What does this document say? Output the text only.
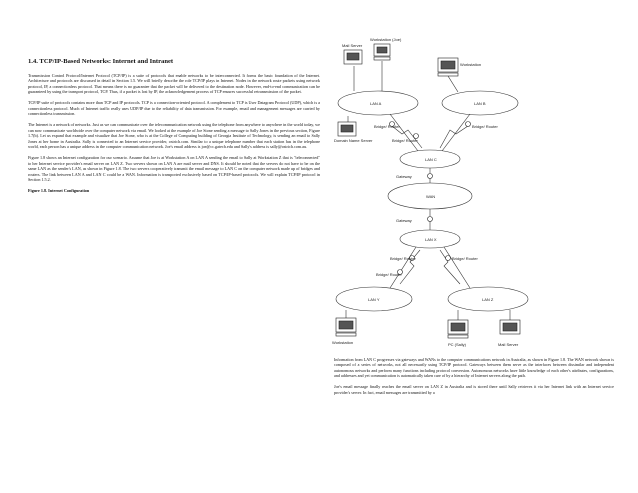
1.4. TCP/IP-Based Networks: Internet and Intranet

Transmission Control Protocol/Internet Protocol (TCP/IP) is a suite of protocols that enable networks to be interconnected. It forms the basic foundation of the Internet. Architecture and protocols are discussed in detail in Section 1.5. We will briefly describe the role TCP/IP plays in Internet. Nodes in the network route packets using network protocol, IP, a connectionless protocol. That means there is no guarantee that the packet will be delivered to the destination node. However, end-to-end communication can be guaranteed by using the transport protocol, TCP. Thus, if a packet is lost by IP, the acknowledgement process of TCP ensures successful retransmission of the packet.

TCP/IP suite of protocols contains more than TCP and IP protocols. TCP is a connection-oriented protocol. A complement to TCP is User Datagram Protocol (UDP), which is a connectionless protocol. Much of Internet traffic really uses UDP/IP due to the reliability of data transmission. For example, email and management messages are carried by connectionless transmission.

The Internet is a network of networks. Just as we can communicate over the telecommunication network using the telephone from anywhere to anywhere in the world today, we can now communicate worldwide over the computer network via email. We looked at the example of Joe Stone sending a message to Sally Jones in the previous section, Figure 1.7(b). Let us expand that example and visualize that Joe Stone, who is at the College of Computing building of Georgia Institute of Technology, is sending an email to Sally Jones at her home in Australia. Sally is connected to an Internet service provider, ostrich.com. Similar to a unique telephone number that each station has in the telephone world, each person has a unique address in the computer communication network. Joe's email address is joe@cc.gatech.edu and Sally's address is sally@ostrich.com.au.

Figure 1.8 shows an Internet configuration for our scenario. Assume that Joe is at Workstation A on LAN A sending the email to Sally at Workstation Z that is "teleconnected" to her Internet service provider's email server on LAN Z. Two servers shown on LAN A are mail server and DNS. It should be noted that the servers do not have to be on the same LAN as the sender's LAN, as shown in Figure 1.8. The two servers cooperatively transmit the email message to LAN C on the computer network made up of bridges and routers. The link between LAN A and LAN C could be a WAN. Information is transported exclusively based on TCP/IP-based protocols. We will explain TCP/IP protocol in Section 1.5.2.

Figure 1.8. Internet Configuration
Mail Server
Workstation (Joe)
Workstation
LAN A	LAN B
Domain Name Server
Bridge/ Router	Bridge/ Router
Bridge/ Router
LAN C
Gateway
WAN
Gateway
LAN X
Bridge/ Router	Bridge/ Router
Bridge/ Router
LAN Y	LAN Z
Workstation	PC (Sally)	Mail Server

Information from LAN C progresses via gateways and WANs to the computer communications network in Australia, as shown in Figure 1.8. The WAN network shown is composed of a series of networks, not all necessarily using TCP/IP protocol. Gateways between them serve as the interfaces between dissimilar and independent autonomous networks and perform many functions including protocol conversion. Autonomous networks have little knowledge of each other's attributes, configurations, and addresses and yet communication is automatically taken care of by a hierarchy of Internet servers along the path.

Joe's email message finally reaches the email server on LAN Z in Australia and is stored there until Sally retrieves it via her Internet link with an Internet service provider's server. In fact, email messages are transmitted by a
